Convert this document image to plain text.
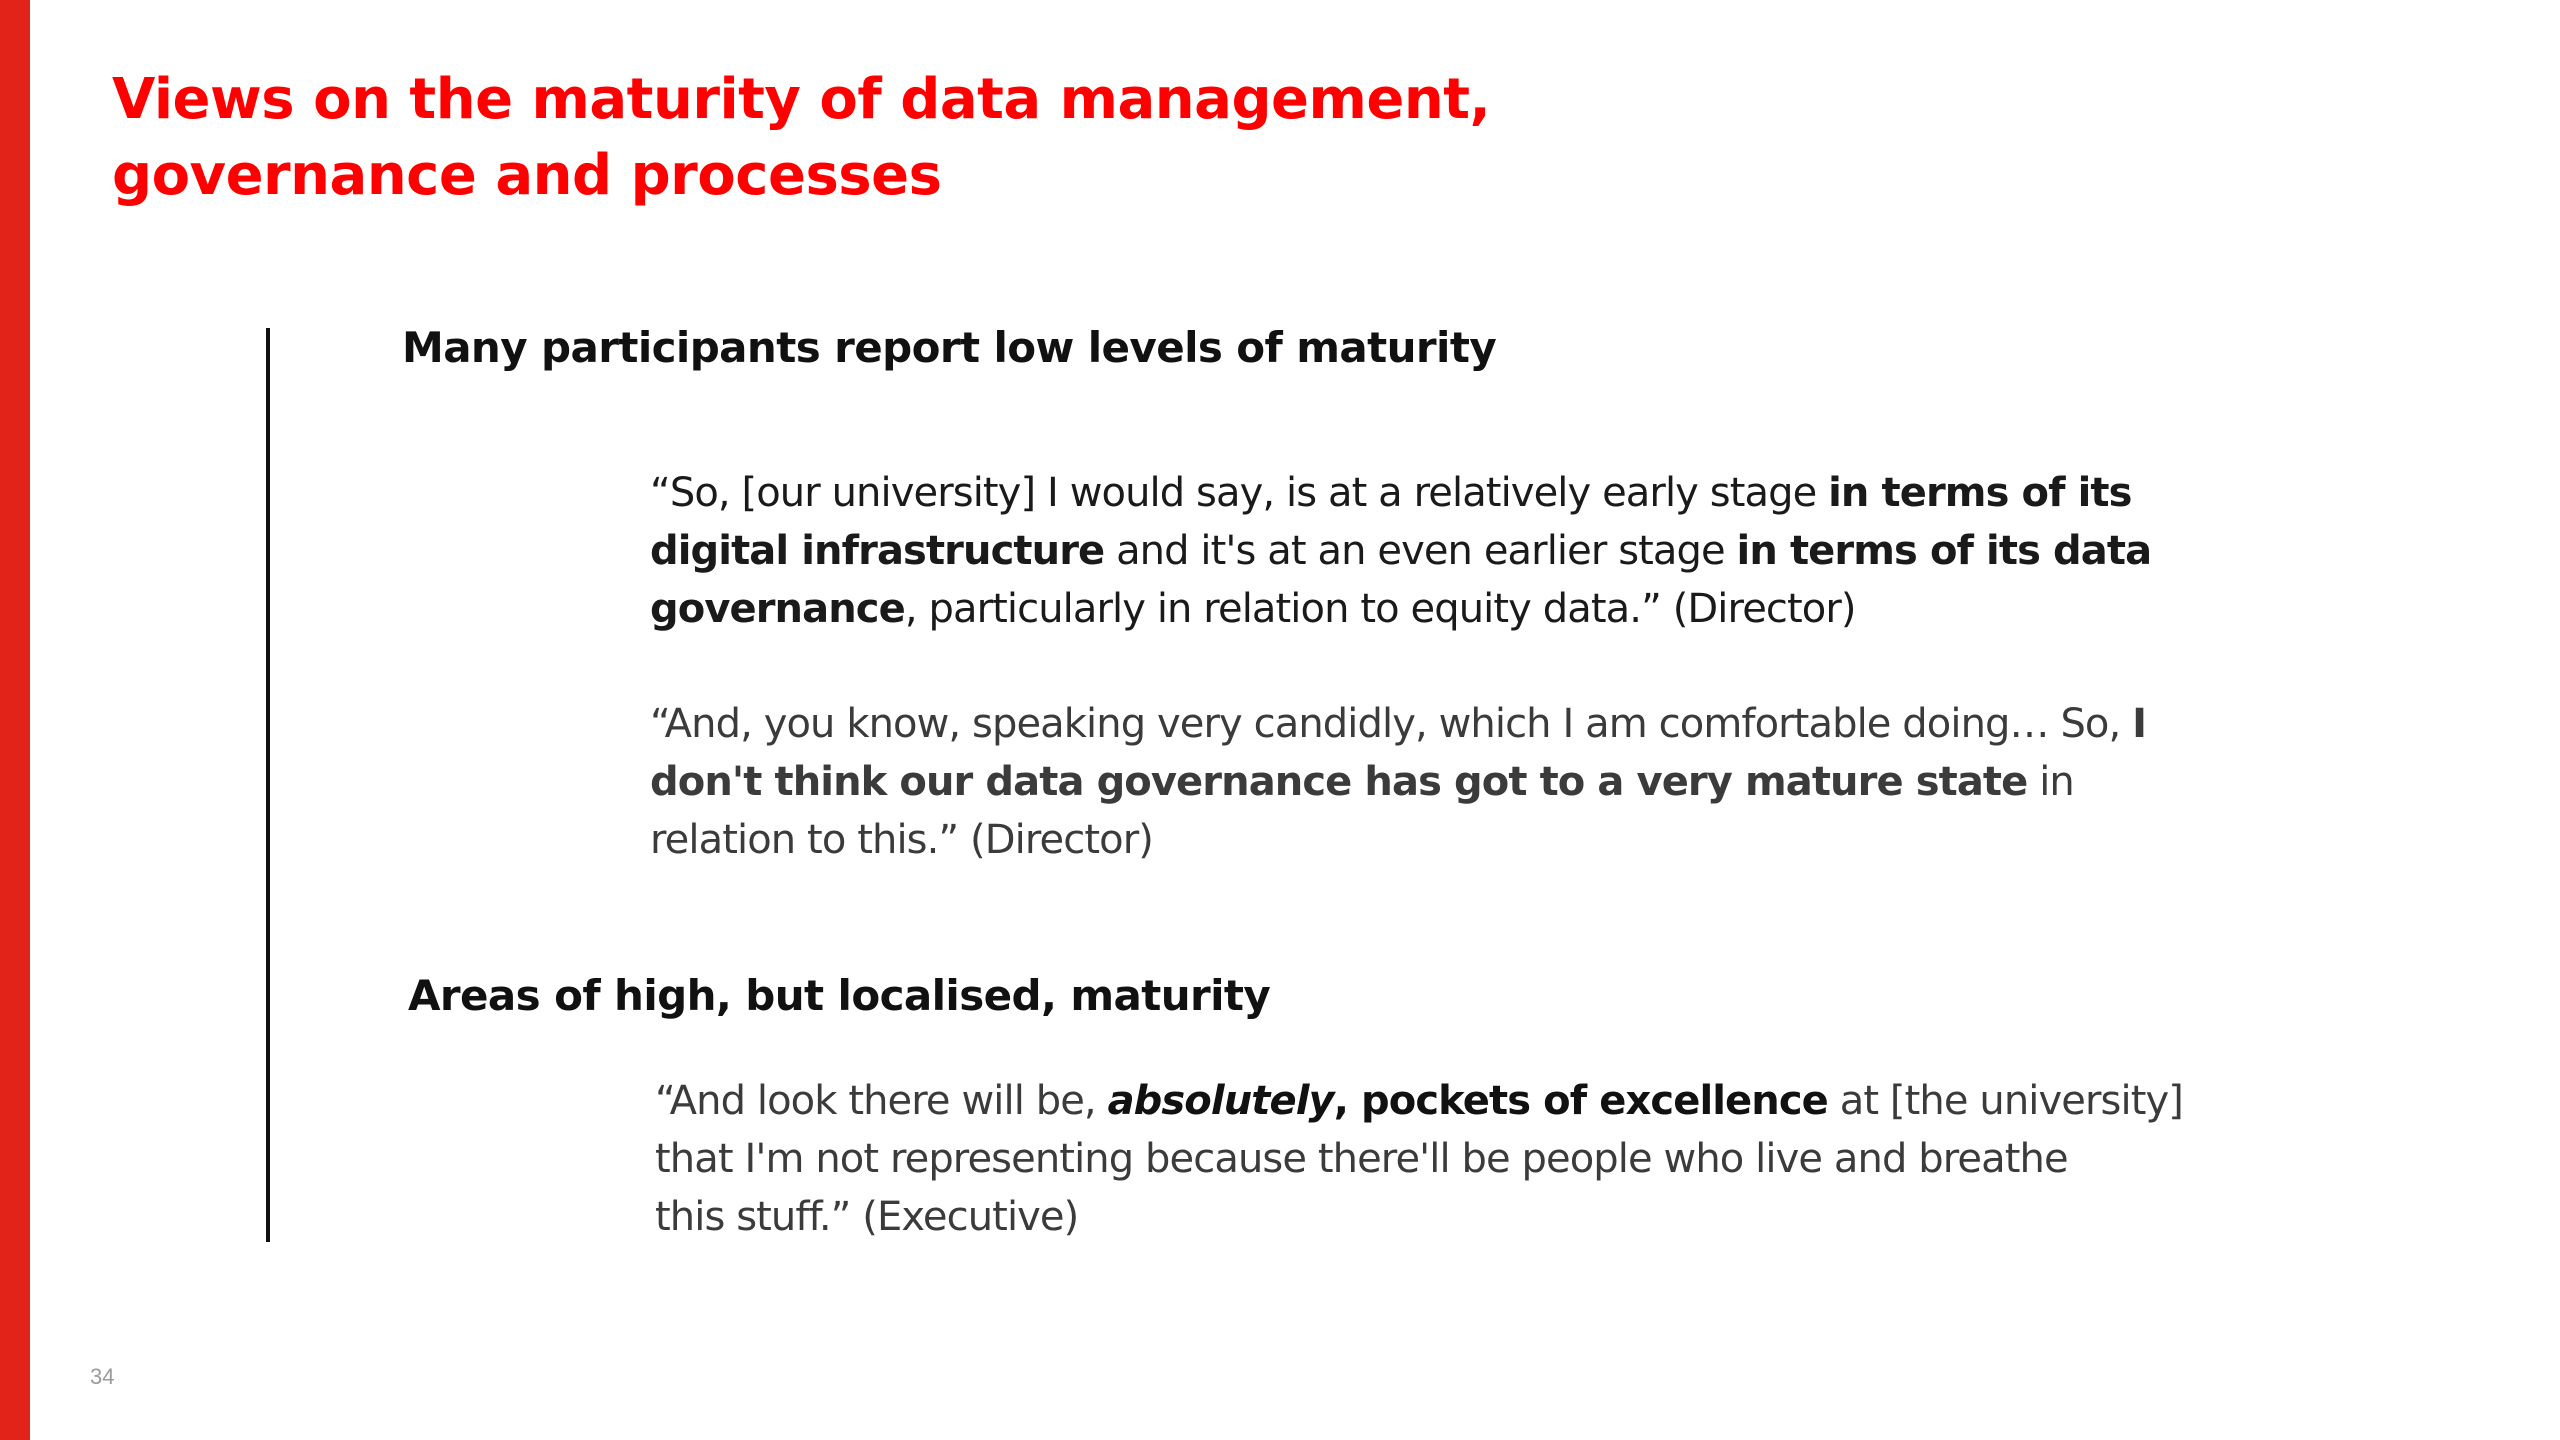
Views on the maturity of data management,
governance and processes
Many participants report low levels of maturity

“So, [our university] I would say, is at a relatively early stage in terms of its
digital infrastructure and it's at an even earlier stage in terms of its data
governance, particularly in relation to equity data.” (Director)

“And, you know, speaking very candidly, which I am comfortable doing… So, I
don't think our data governance has got to a very mature state in
relation to this.” (Director)

Areas of high, but localised, maturity

“And look there will be, absolutely, pockets of excellence at [the university]
that I'm not representing because there'll be people who live and breathe
this stuff.” (Executive)

34
